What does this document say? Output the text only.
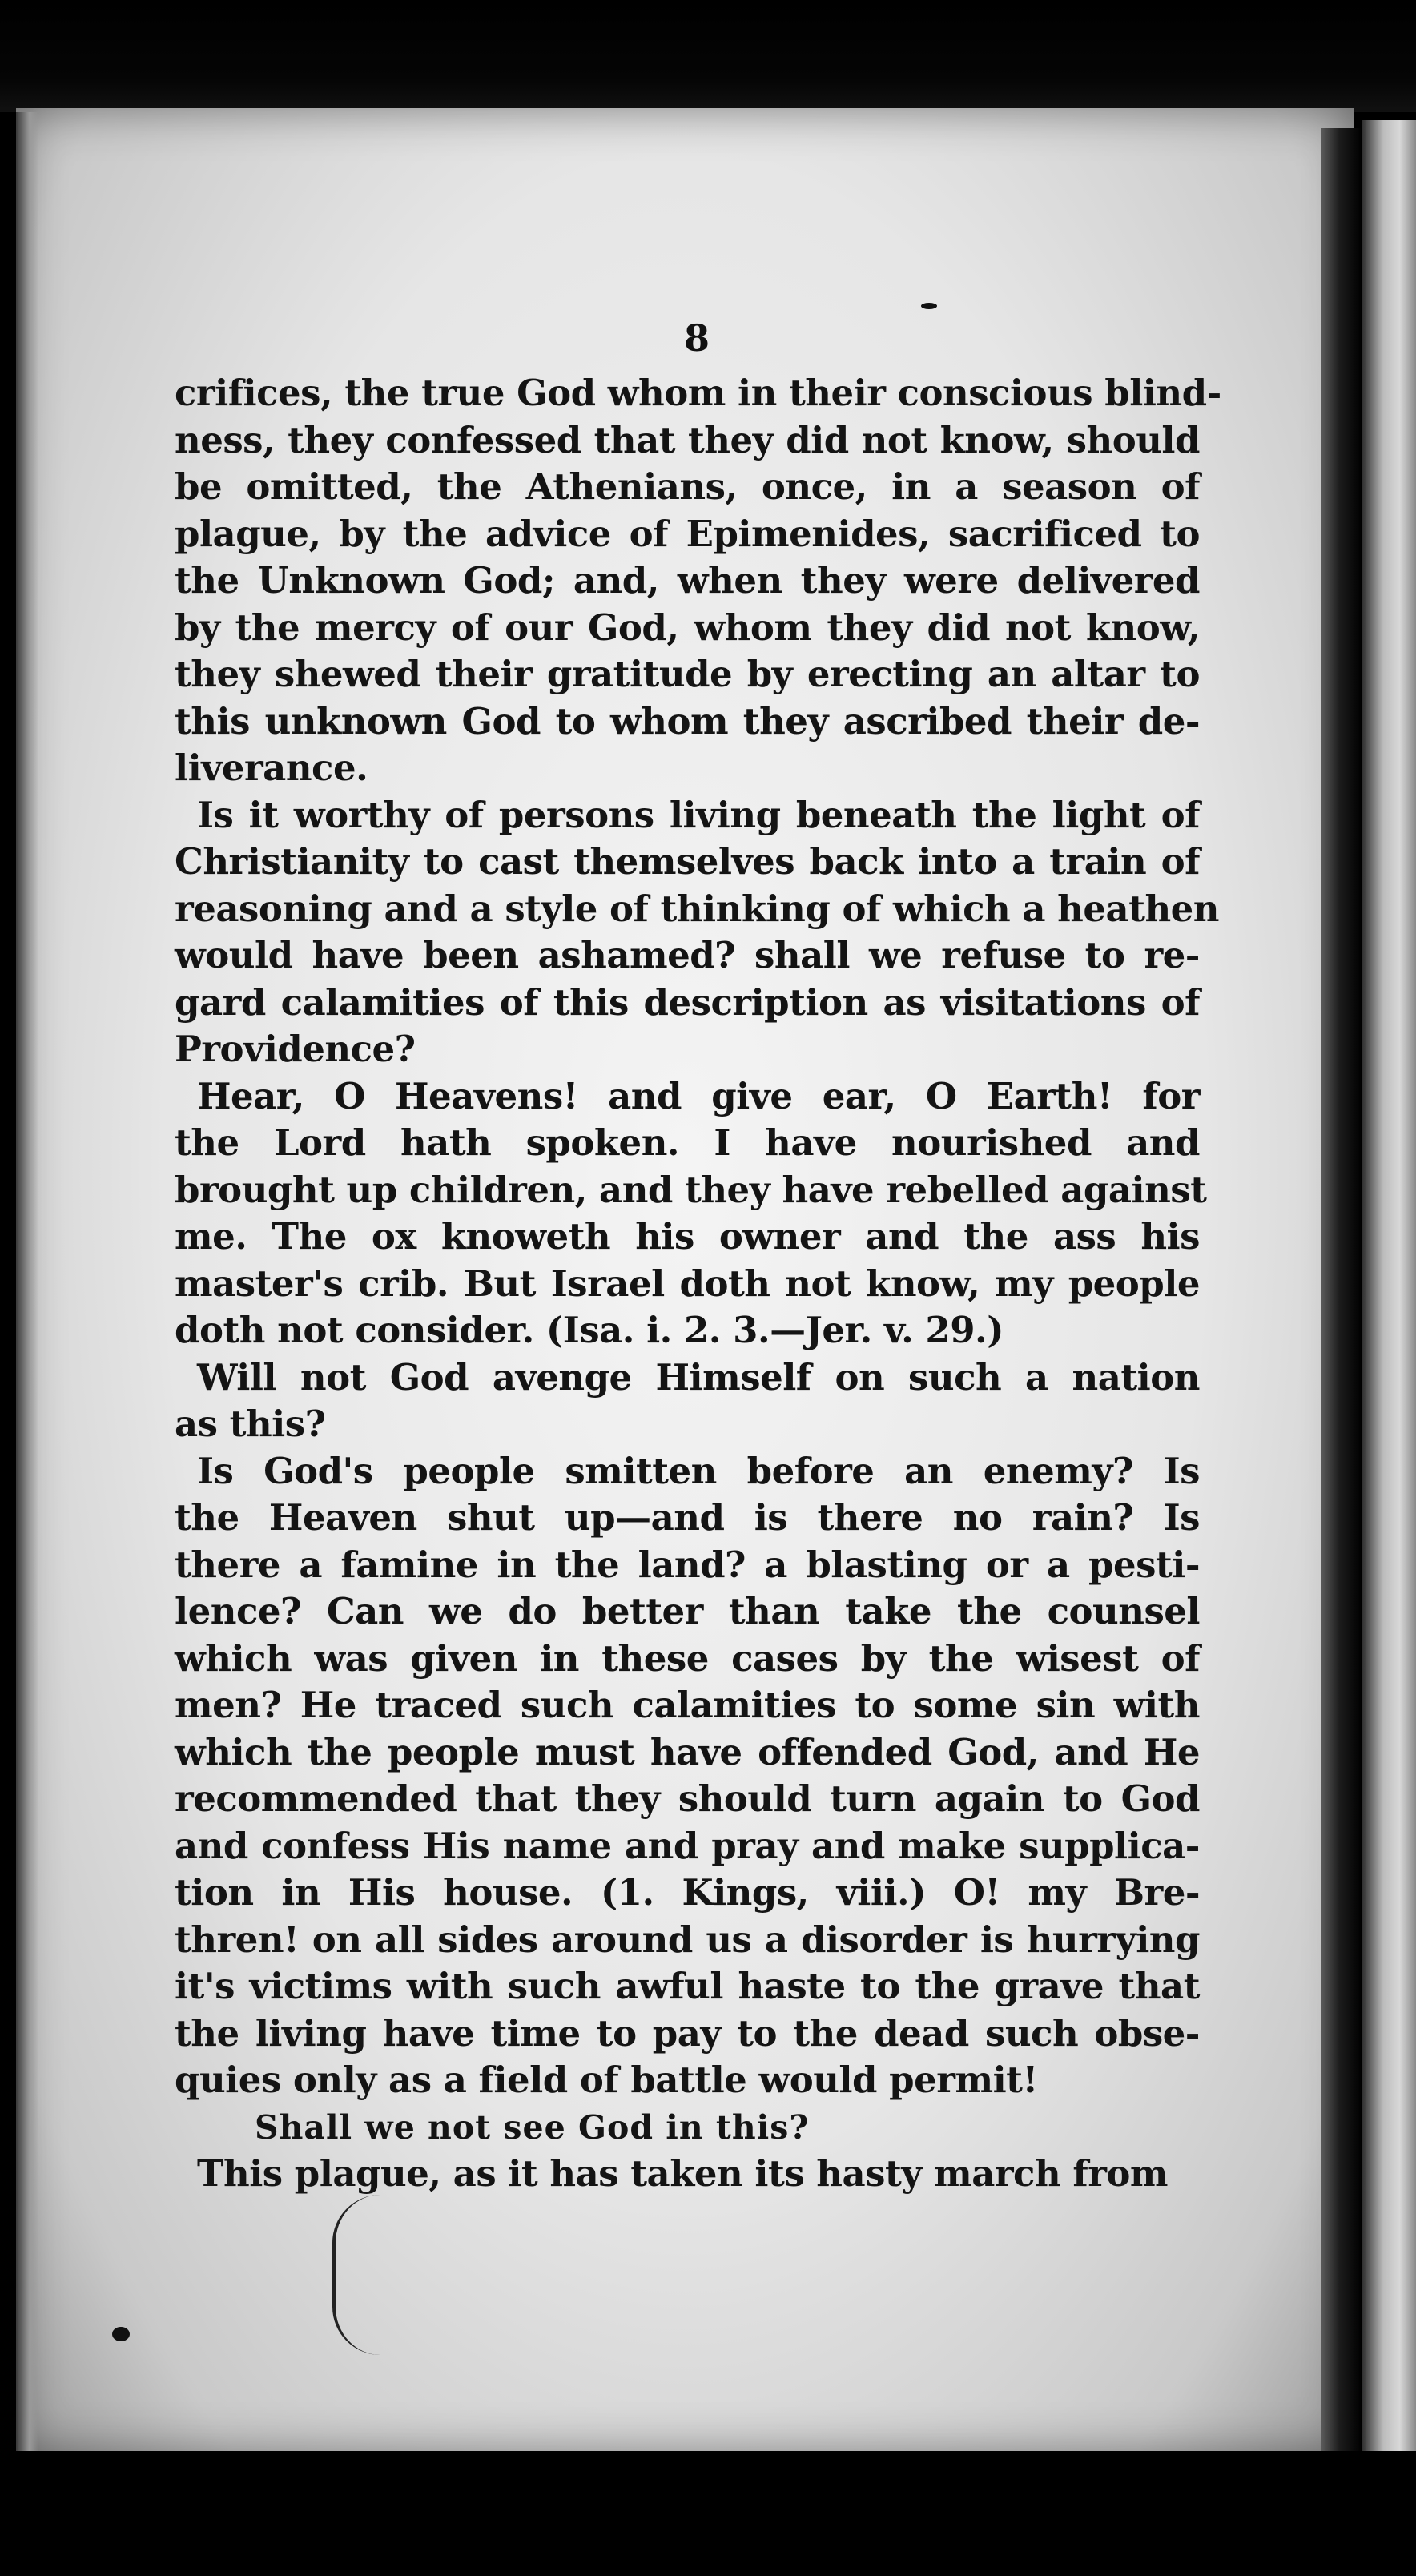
8
crifices, the true God whom in their conscious blind-
ness, they confessed that they did not know, should
be omitted, the Athenians, once, in a season of
plague, by the advice of Epimenides, sacrificed to
the Unknown God; and, when they were delivered
by the mercy of our God, whom they did not know,
they shewed their gratitude by erecting an altar to
this unknown God to whom they ascribed their de-
liverance.
Is it worthy of persons living beneath the light of
Christianity to cast themselves back into a train of
reasoning and a style of thinking of which a heathen
would have been ashamed? shall we refuse to re-
gard calamities of this description as visitations of
Providence?
Hear, O Heavens! and give ear, O Earth! for
the Lord hath spoken. I have nourished and
brought up children, and they have rebelled against
me. The ox knoweth his owner and the ass his
master's crib. But Israel doth not know, my people
doth not consider. (Isa. i. 2. 3.—Jer. v. 29.)
Will not God avenge Himself on such a nation
as this?
Is God's people smitten before an enemy? Is
the Heaven shut up—and is there no rain? Is
there a famine in the land? a blasting or a pesti-
lence? Can we do better than take the counsel
which was given in these cases by the wisest of
men? He traced such calamities to some sin with
which the people must have offended God, and He
recommended that they should turn again to God
and confess His name and pray and make supplica-
tion in His house. (1. Kings, viii.) O! my Bre-
thren! on all sides around us a disorder is hurrying
it's victims with such awful haste to the grave that
the living have time to pay to the dead such obse-
quies only as a field of battle would permit!
Shall we not see God in this?
This plague, as it has taken its hasty march from
